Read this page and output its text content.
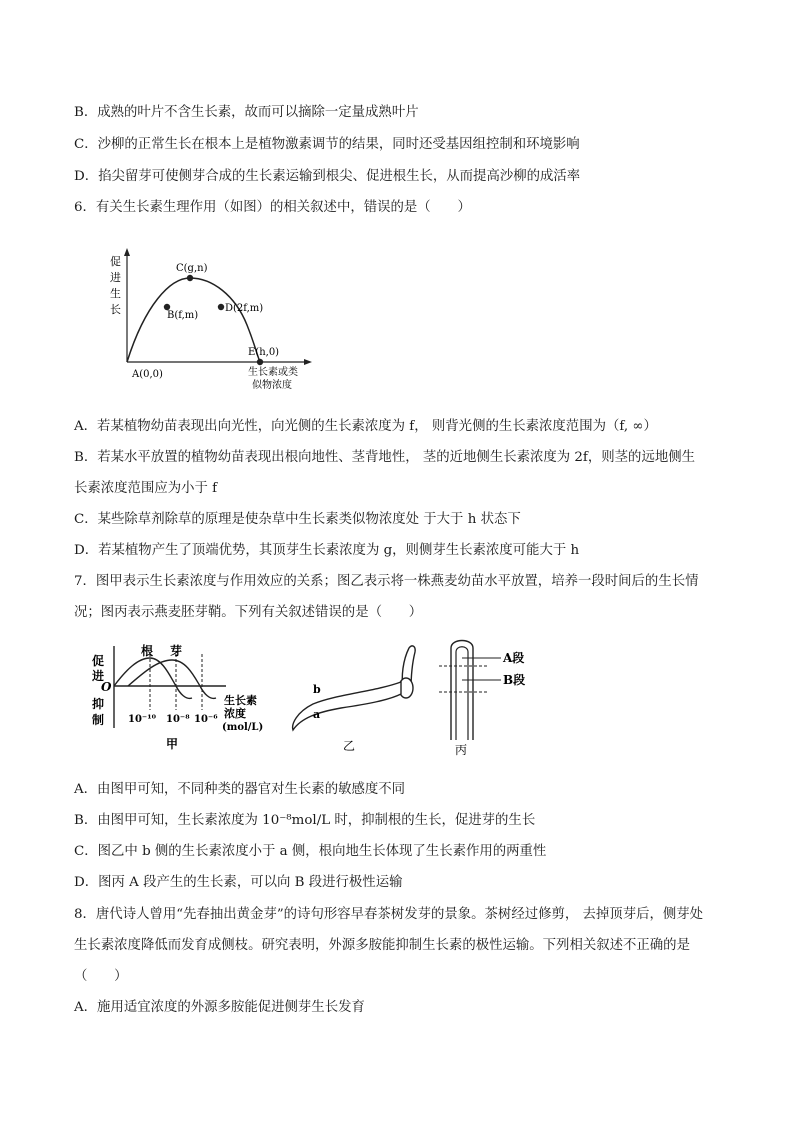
B．成熟的叶片不含生长素，故而可以摘除一定量成熟叶片
C．沙柳的正常生长在根本上是植物激素调节的结果，同时还受基因组控制和环境影响
D．掐尖留芽可使侧芽合成的生长素运输到根尖、促进根生长，从而提高沙柳的成活率
6．有关生长素生理作用（如图）的相关叙述中，错误的是（　　）
促
进
生
长
C(g,n)
B(f,m)
D(2f,m)
E(h,0)
A(0,0)	生长素或类
似物浓度
A．若某植物幼苗表现出向光性，向光侧的生长素浓度为 f， 则背光侧的生长素浓度范围为（f, ∞）
B．若某水平放置的植物幼苗表现出根向地性、茎背地性， 茎的近地侧生长素浓度为 2f，则茎的远地侧生
长素浓度范围应为小于 f
C．某些除草剂除草的原理是使杂草中生长素类似物浓度处 于大于 h 状态下
D．若某植物产生了顶端优势，其顶芽生长素浓度为 g，则侧芽生长素浓度可能大于 h
7．图甲表示生长素浓度与作用效应的关系；图乙表示将一株燕麦幼苗水平放置，培养一段时间后的生长情
况；图丙表示燕麦胚芽鞘。下列有关叙述错误的是（　　）
促
进
O
抑
制
根 芽
10⁻¹⁰ 10⁻⁸ 10⁻⁶
生长素
浓度
(mol/L)
甲
b
a
乙
A段
B段
丙
A．由图甲可知，不同种类的器官对生长素的敏感度不同
B．由图甲可知，生长素浓度为 10⁻⁸mol/L 时，抑制根的生长，促进芽的生长
C．图乙中 b 侧的生长素浓度小于 a 侧，根向地生长体现了生长素作用的两重性
D．图丙 A 段产生的生长素，可以向 B 段进行极性运输
8．唐代诗人曾用“先春抽出黄金芽”的诗句形容早春茶树发芽的景象。茶树经过修剪， 去掉顶芽后，侧芽处
生长素浓度降低而发育成侧枝。研究表明，外源多胺能抑制生长素的极性运输。下列相关叙述不正确的是
（　　）
A．施用适宜浓度的外源多胺能促进侧芽生长发育
